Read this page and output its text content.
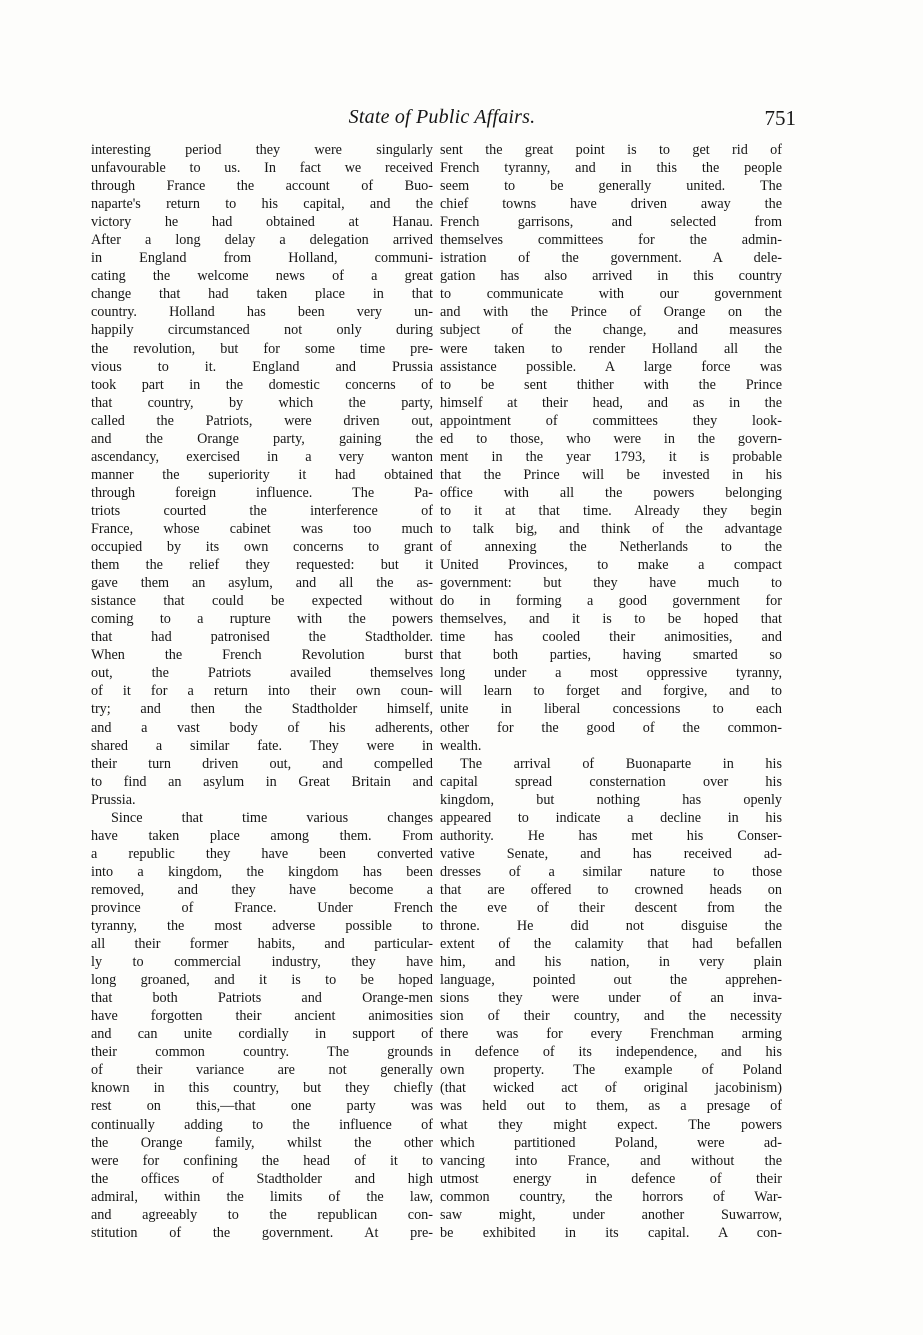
State of Public Affairs.	751
interesting period they were singularly
unfavourable to us. In fact we received
through France the account of Buo-
naparte's return to his capital, and the
victory he had obtained at Hanau.
After a long delay a delegation arrived
in England from Holland, communi-
cating the welcome news of a great
change that had taken place in that
country. Holland has been very un-
happily circumstanced not only during
the revolution, but for some time pre-
vious to it. England and Prussia
took part in the domestic concerns of
that country, by which the party,
called the Patriots, were driven out,
and the Orange party, gaining the
ascendancy, exercised in a very wanton
manner the superiority it had obtained
through foreign influence. The Pa-
triots courted the interference of
France, whose cabinet was too much
occupied by its own concerns to grant
them the relief they requested: but it
gave them an asylum, and all the as-
sistance that could be expected without
coming to a rupture with the powers
that had patronised the Stadtholder.
When the French Revolution burst
out, the Patriots availed themselves
of it for a return into their own coun-
try; and then the Stadtholder himself,
and a vast body of his adherents,
shared a similar fate. They were in
their turn driven out, and compelled
to find an asylum in Great Britain and
Prussia.
Since that time various changes
have taken place among them. From
a republic they have been converted
into a kingdom, the kingdom has been
removed, and they have become a
province of France. Under French
tyranny, the most adverse possible to
all their former habits, and particular-
ly to commercial industry, they have
long groaned, and it is to be hoped
that both Patriots and Orange-men
have forgotten their ancient animosities
and can unite cordially in support of
their common country. The grounds
of their variance are not generally
known in this country, but they chiefly
rest on this,—that one party was
continually adding to the influence of
the Orange family, whilst the other
were for confining the head of it to
the offices of Stadtholder and high
admiral, within the limits of the law,
and agreeably to the republican con-
stitution of the government. At pre-
sent the great point is to get rid of
French tyranny, and in this the people
seem to be generally united. The
chief towns have driven away the
French garrisons, and selected from
themselves committees for the admin-
istration of the government. A dele-
gation has also arrived in this country
to communicate with our government
and with the Prince of Orange on the
subject of the change, and measures
were taken to render Holland all the
assistance possible. A large force was
to be sent thither with the Prince
himself at their head, and as in the
appointment of committees they look-
ed to those, who were in the govern-
ment in the year 1793, it is probable
that the Prince will be invested in his
office with all the powers belonging
to it at that time. Already they begin
to talk big, and think of the advantage
of annexing the Netherlands to the
United Provinces, to make a compact
government: but they have much to
do in forming a good government for
themselves, and it is to be hoped that
time has cooled their animosities, and
that both parties, having smarted so
long under a most oppressive tyranny,
will learn to forget and forgive, and to
unite in liberal concessions to each
other for the good of the common-
wealth.
The arrival of Buonaparte in his
capital spread consternation over his
kingdom, but nothing has openly
appeared to indicate a decline in his
authority. He has met his Conser-
vative Senate, and has received ad-
dresses of a similar nature to those
that are offered to crowned heads on
the eve of their descent from the
throne. He did not disguise the
extent of the calamity that had befallen
him, and his nation, in very plain
language, pointed out the apprehen-
sions they were under of an inva-
sion of their country, and the necessity
there was for every Frenchman arming
in defence of its independence, and his
own property. The example of Poland
(that wicked act of original jacobinism)
was held out to them, as a presage of
what they might expect. The powers
which partitioned Poland, were ad-
vancing into France, and without the
utmost energy in defence of their
common country, the horrors of War-
saw might, under another Suwarrow,
be exhibited in its capital. A con-
